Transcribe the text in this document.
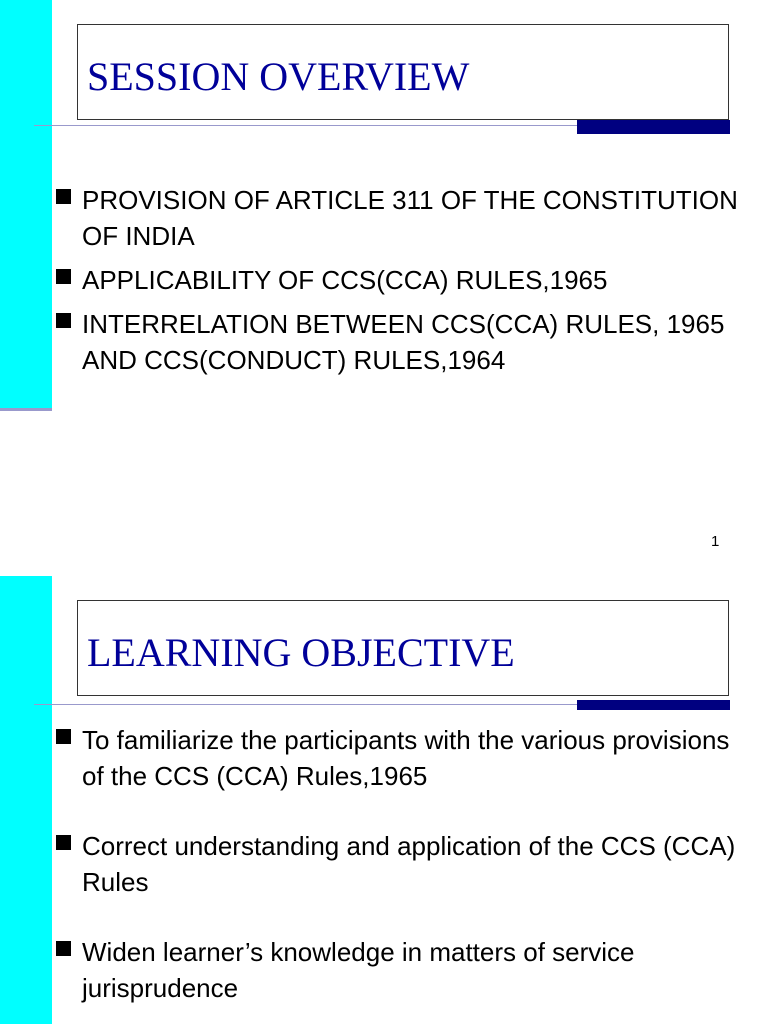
SESSION OVERVIEW
PROVISION OF ARTICLE 311 OF THE CONSTITUTION OF INDIA
APPLICABILITY OF CCS(CCA) RULES,1965
INTERRELATION BETWEEN CCS(CCA) RULES, 1965 AND CCS(CONDUCT) RULES,1964
1
LEARNING OBJECTIVE
To familiarize the participants with the various provisions of the CCS (CCA) Rules,1965
Correct understanding and application of the CCS (CCA) Rules
Widen learner’s knowledge in matters of service jurisprudence
